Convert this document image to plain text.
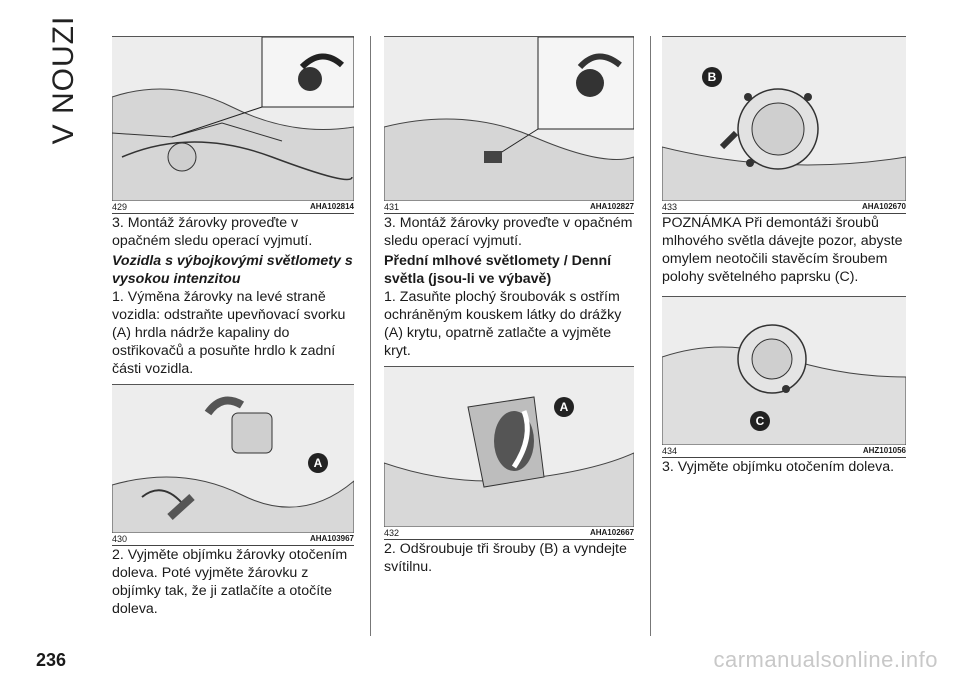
V NOUZI
429	AHA102814

3. Montáž žárovky proveďte v opačném sledu operací vyjmutí.

Vozidla s výbojkovými světlomety s vysokou intenzitou

1. Výměna žárovky na levé straně vozidla: odstraňte upevňovací svorku (A) hrdla nádrže kapaliny do ostřikovačů a posuňte hrdlo k zadní části vozidla.

A
430	AHA103967

2. Vyjměte objímku žárovky otočením doleva. Poté vyjměte žárovku z objímky tak, že ji zatlačíte a otočíte doleva.

431	AHA102827

3. Montáž žárovky proveďte v opačném sledu operací vyjmutí.

Přední mlhové světlomety / Denní světla (jsou-li ve výbavě)

1. Zasuňte plochý šroubovák s ostřím ochráněným kouskem látky do drážky (A) krytu, opatrně zatlačte a vyjměte kryt.

A
432	AHA102667

2. Odšroubuje tři šrouby (B) a vyndejte svítilnu.

B
433	AHA102670

POZNÁMKA Při demontáži šroubů mlhového světla dávejte pozor, abyste omylem neotočili stavěcím šroubem polohy světelného paprsku (C).

C
434	AHZ101056

3. Vyjměte objímku otočením doleva.

236	carmanualsonline.info
